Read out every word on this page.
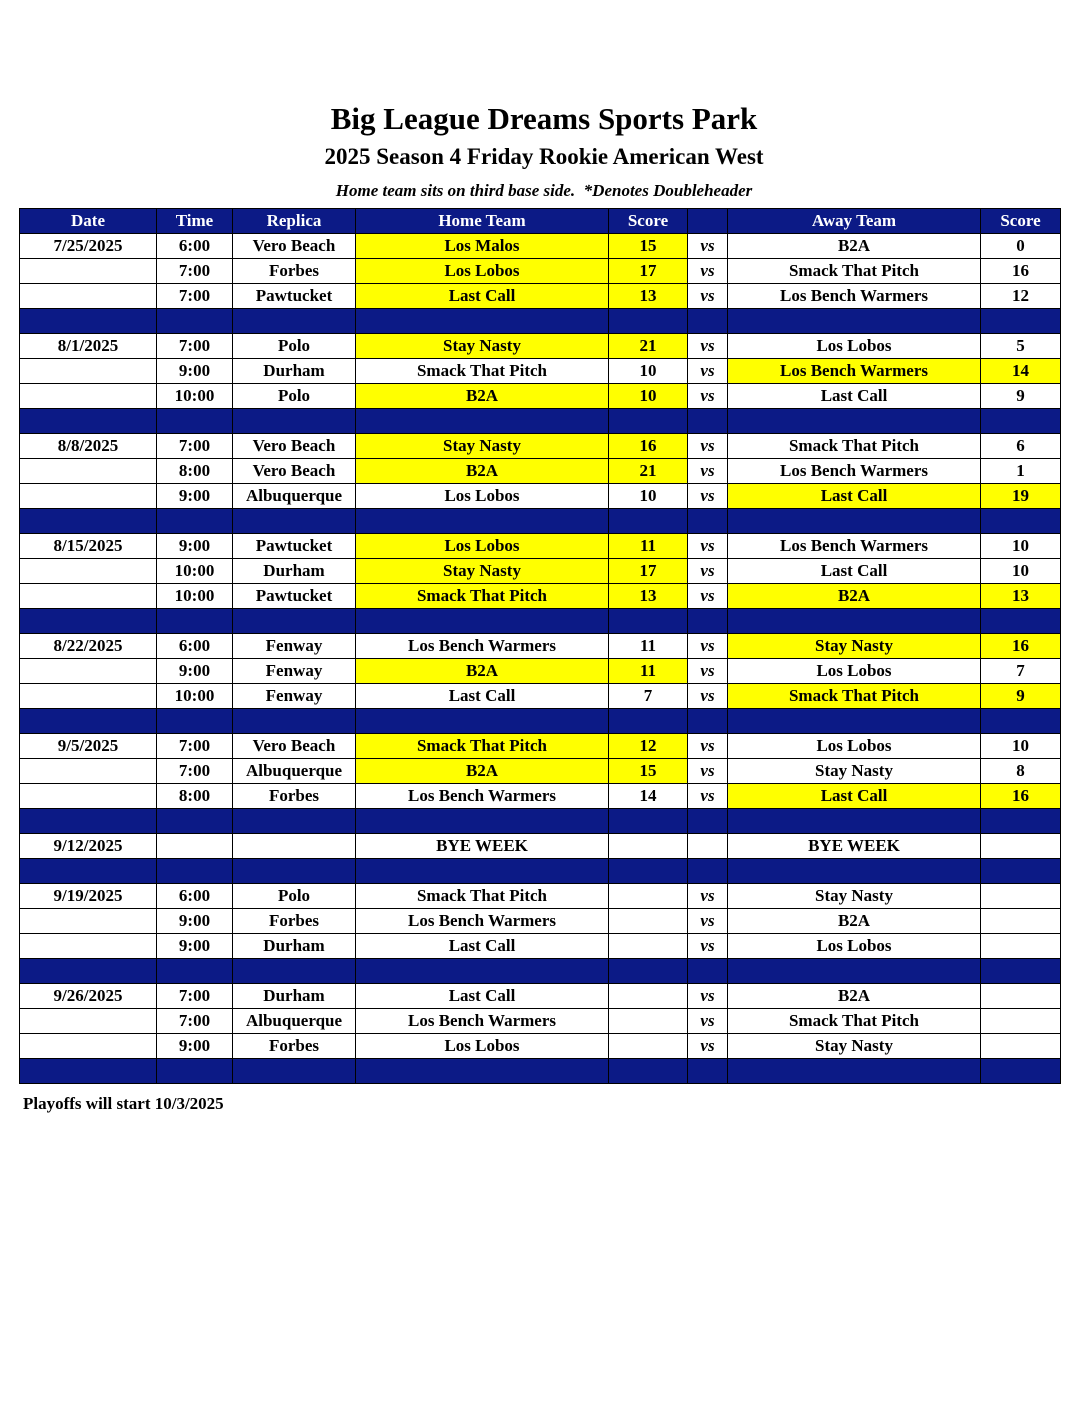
Big League Dreams Sports Park
2025 Season 4 Friday Rookie American West
Home team sits on third base side.  *Denotes Doubleheader
Date	Time	Replica	Home Team	Score		Away Team	Score
7/25/2025	6:00	Vero Beach	Los Malos	15	vs	B2A	0
	7:00	Forbes	Los Lobos	17	vs	Smack That Pitch	16
	7:00	Pawtucket	Last Call	13	vs	Los Bench Warmers	12

8/1/2025	7:00	Polo	Stay Nasty	21	vs	Los Lobos	5
	9:00	Durham	Smack That Pitch	10	vs	Los Bench Warmers	14
	10:00	Polo	B2A	10	vs	Last Call	9

8/8/2025	7:00	Vero Beach	Stay Nasty	16	vs	Smack That Pitch	6
	8:00	Vero Beach	B2A	21	vs	Los Bench Warmers	1
	9:00	Albuquerque	Los Lobos	10	vs	Last Call	19

8/15/2025	9:00	Pawtucket	Los Lobos	11	vs	Los Bench Warmers	10
	10:00	Durham	Stay Nasty	17	vs	Last Call	10
	10:00	Pawtucket	Smack That Pitch	13	vs	B2A	13

8/22/2025	6:00	Fenway	Los Bench Warmers	11	vs	Stay Nasty	16
	9:00	Fenway	B2A	11	vs	Los Lobos	7
	10:00	Fenway	Last Call	7	vs	Smack That Pitch	9

9/5/2025	7:00	Vero Beach	Smack That Pitch	12	vs	Los Lobos	10
	7:00	Albuquerque	B2A	15	vs	Stay Nasty	8
	8:00	Forbes	Los Bench Warmers	14	vs	Last Call	16

9/12/2025			BYE WEEK			BYE WEEK	

9/19/2025	6:00	Polo	Smack That Pitch		vs	Stay Nasty	
	9:00	Forbes	Los Bench Warmers		vs	B2A	
	9:00	Durham	Last Call		vs	Los Lobos	

9/26/2025	7:00	Durham	Last Call		vs	B2A	
	7:00	Albuquerque	Los Bench Warmers		vs	Smack That Pitch	
	9:00	Forbes	Los Lobos		vs	Stay Nasty	

Playoffs will start 10/3/2025
